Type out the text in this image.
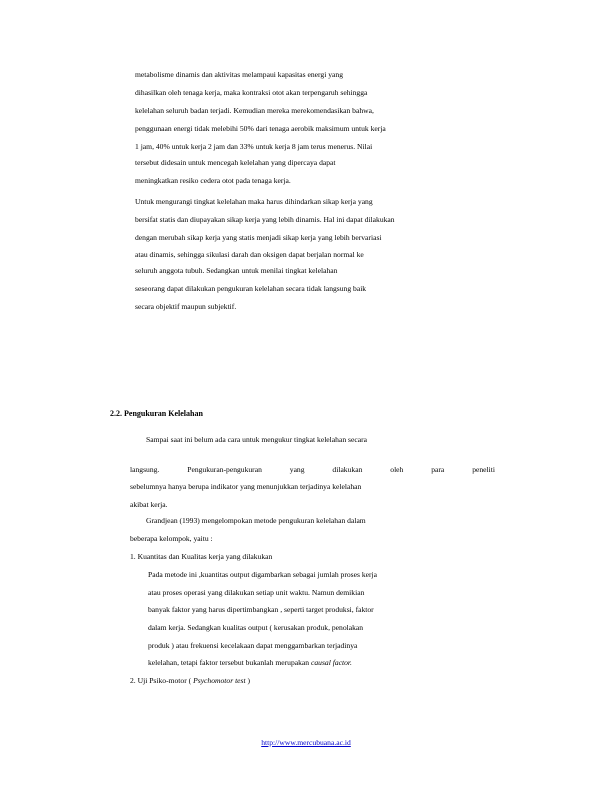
metabolisme dinamis dan aktivitas melampaui kapasitas energi yang
dihasilkan oleh tenaga kerja, maka kontraksi otot akan terpengaruh sehingga
kelelahan seluruh badan terjadi. Kemudian mereka merekomendasikan bahwa,
penggunaan energi tidak melebihi 50% dari tenaga aerobik maksimum untuk kerja
1 jam, 40% untuk kerja 2 jam dan 33% untuk kerja 8 jam terus menerus. Nilai
tersebut didesain untuk mencegah kelelahan yang dipercaya dapat
meningkatkan resiko cedera otot pada tenaga kerja.
Untuk mengurangi tingkat kelelahan maka harus dihindarkan sikap kerja yang
bersifat statis dan diupayakan sikap kerja yang lebih dinamis. Hal ini dapat dilakukan
dengan merubah sikap kerja yang statis menjadi sikap kerja yang lebih bervariasi
atau dinamis, sehingga sikulasi darah dan oksigen dapat berjalan normal ke
seluruh anggota tubuh. Sedangkan untuk menilai tingkat kelelahan
seseorang dapat dilakukan pengukuran kelelahan secara tidak langsung baik
secara objektif maupun subjektif.
2.2. Pengukuran Kelelahan
Sampai saat ini belum ada cara untuk mengukur tingkat kelelahan secara
langsung.	Pengukuran-pengukuran	yang	dilakukan	oleh	para	peneliti
sebelumnya hanya berupa indikator yang menunjukkan terjadinya kelelahan
akibat kerja.
Grandjean (1993) mengelompokan metode pengukuran kelelahan dalam
beberapa kelompok, yaitu :
1. Kuantitas dan Kualitas kerja yang dilakukan
Pada metode ini ,kuantitas output digambarkan sebagai jumlah proses kerja
atau proses operasi yang dilakukan setiap unit waktu. Namun demikian
banyak faktor yang harus dipertimbangkan , seperti target produksi, faktor
dalam kerja. Sedangkan kualitas output ( kerusakan produk, penolakan
produk ) atau frekuensi kecelakaan dapat menggambarkan terjadinya
kelelahan, tetapi faktor tersebut bukanlah merupakan causal factor.
2. Uji Psiko-motor ( Psychomotor test )
http://www.mercubuana.ac.id
